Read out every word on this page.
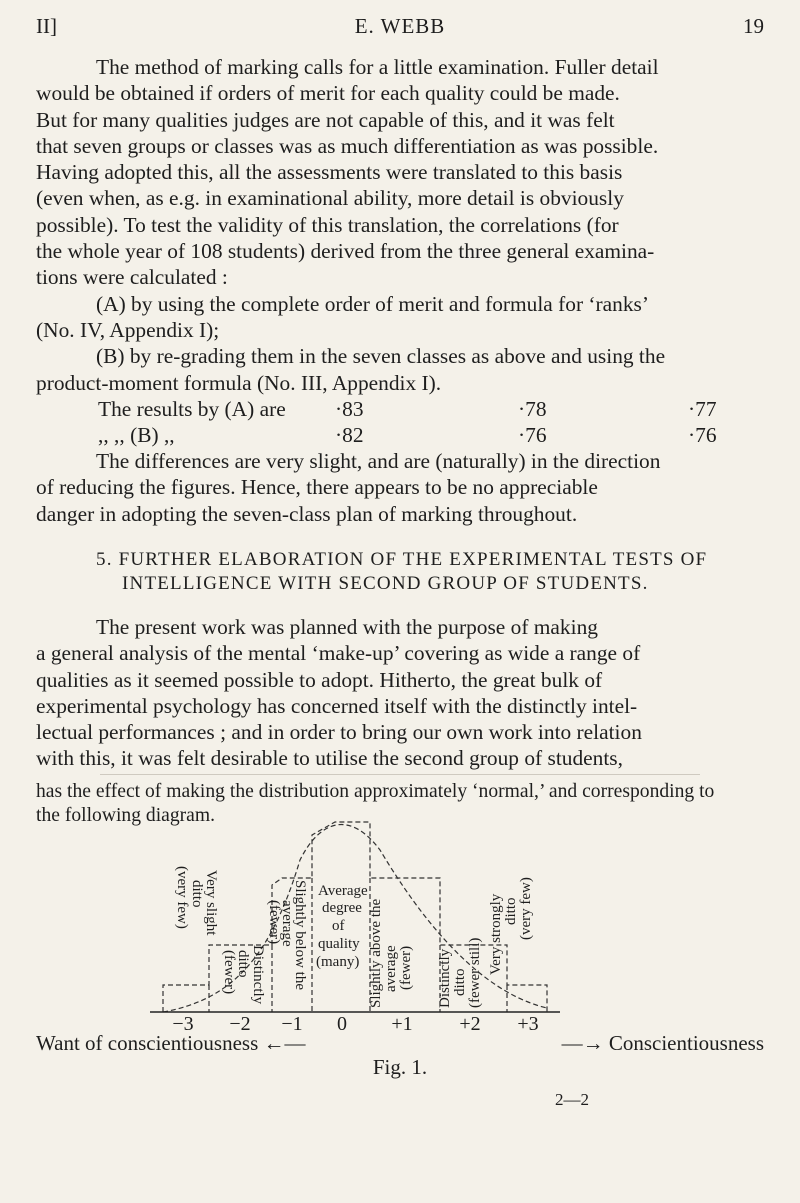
II]	E. WEBB	19
The method of marking calls for a little examination. Fuller detail
would be obtained if orders of merit for each quality could be made.
But for many qualities judges are not capable of this, and it was felt
that seven groups or classes was as much differentiation as was possible.
Having adopted this, all the assessments were translated to this basis
(even when, as e.g. in examinational ability, more detail is obviously
possible). To test the validity of this translation, the correlations (for
the whole year of 108 students) derived from the three general examina-
tions were calculated :
(A) by using the complete order of merit and formula for ‘ranks’
(No. IV, Appendix I);
(B) by re-grading them in the seven classes as above and using the
product-moment formula (No. III, Appendix I).
The results by (A) are ·83	·78	·77
,, ,, (B) ,,	·82	·76	·76
The differences are very slight, and are (naturally) in the direction
of reducing the figures. Hence, there appears to be no appreciable
danger in adopting the seven-class plan of marking throughout.
5. FURTHER ELABORATION OF THE EXPERIMENTAL TESTS OF
INTELLIGENCE WITH SECOND GROUP OF STUDENTS.
The present work was planned with the purpose of making
a general analysis of the mental ‘make-up’ covering as wide a range of
qualities as it seemed possible to adopt. Hitherto, the great bulk of
experimental psychology has concerned itself with the distinctly intel-
lectual performances ; and in order to bring our own work into relation
with this, it was felt desirable to utilise the second group of students,
has the effect of making the distribution approximately ‘normal,’ and corresponding to
the following diagram.
−3 −2 −1 0 +1 +2 +3
(very few) ditto
Very slight
ditto Distinctly
(fewer)	Slightly below the
average
(fewer)
Average
degree
of
quality
(many) Slightly above the average (fewer) Distinctly ditto (fewer still) Very strongly ditto (very few)
Want of conscientiousness ←—	—→ Conscientiousness
Fig. 1.
2—2
